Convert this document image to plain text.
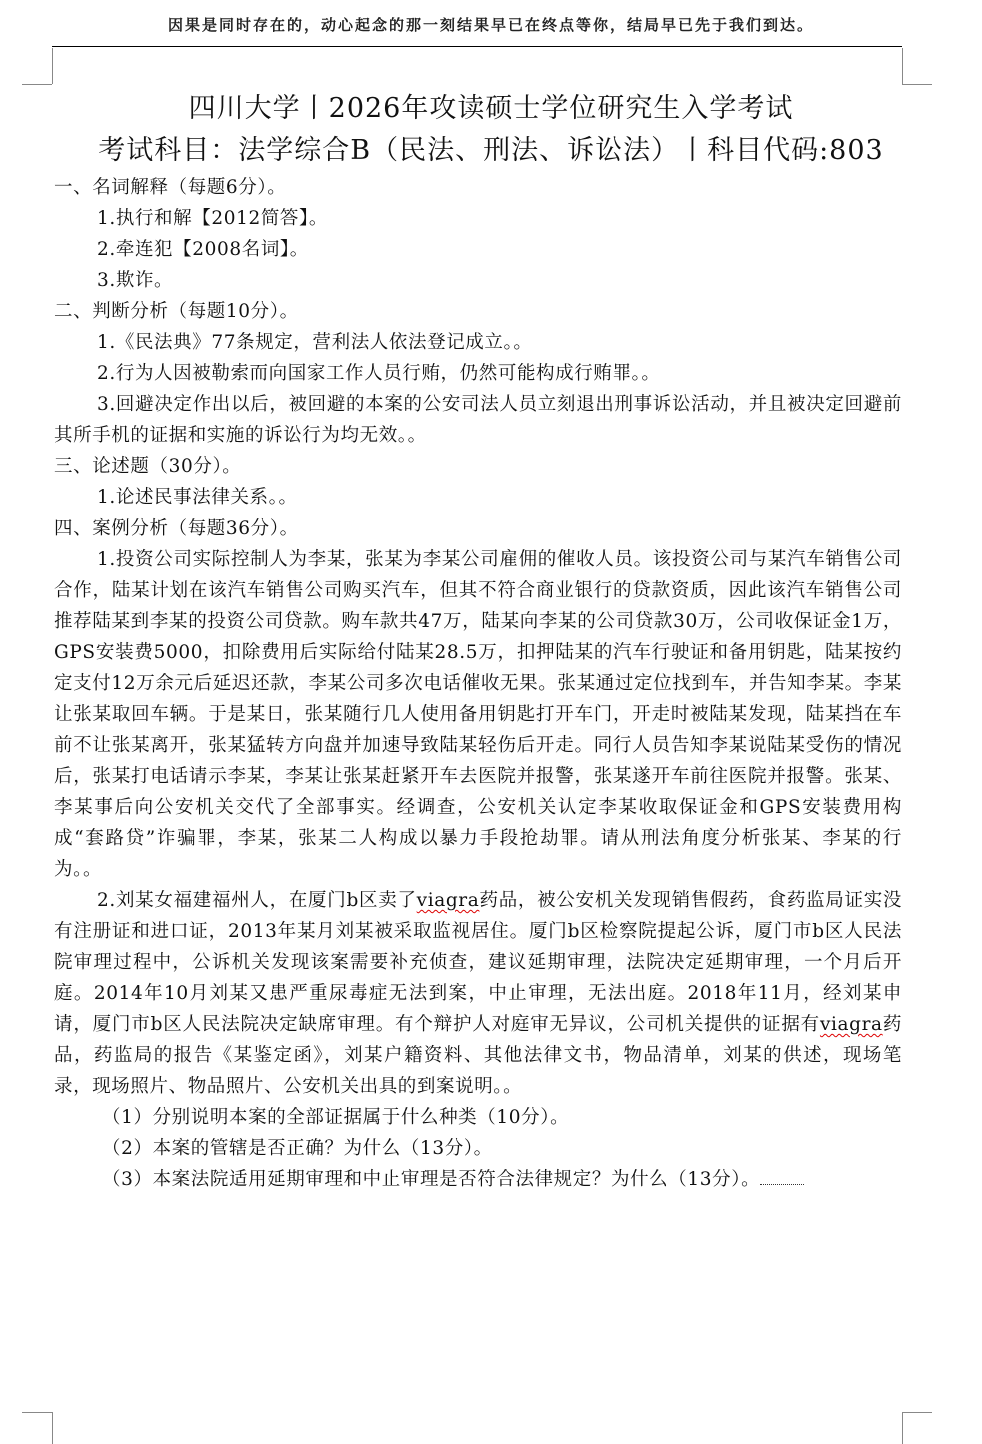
因果是同时存在的，动心起念的那一刻结果早已在终点等你，结局早已先于我们到达。
四川大学丨2026年攻读硕士学位研究生入学考试
考试科目：法学综合B（民法、刑法、诉讼法）丨科目代码:803

一、名词解释（每题6分）。

1.执行和解【2012简答】。

2.牵连犯【2008名词】。

3.欺诈。

二、判断分析（每题10分）。

1.《民法典》77条规定，营利法人依法登记成立。。

2.行为人因被勒索而向国家工作人员行贿，仍然可能构成行贿罪。。

3.回避决定作出以后，被回避的本案的公安司法人员立刻退出刑事诉讼活动，并且被决定回避前其所手机的证据和实施的诉讼行为均无效。。

三、论述题（30分）。

1.论述民事法律关系。。

四、案例分析（每题36分）。

1.投资公司实际控制人为李某，张某为李某公司雇佣的催收人员。该投资公司与某汽车销售公司合作，陆某计划在该汽车销售公司购买汽车，但其不符合商业银行的贷款资质，因此该汽车销售公司推荐陆某到李某的投资公司贷款。购车款共47万，陆某向李某的公司贷款30万，公司收保证金1万，GPS安装费5000，扣除费用后实际给付陆某28.5万，扣押陆某的汽车行驶证和备用钥匙，陆某按约定支付12万余元后延迟还款，李某公司多次电话催收无果。张某通过定位找到车，并告知李某。李某让张某取回车辆。于是某日，张某随行几人使用备用钥匙打开车门，开走时被陆某发现，陆某挡在车前不让张某离开，张某猛转方向盘并加速导致陆某轻伤后开走。同行人员告知李某说陆某受伤的情况后，张某打电话请示李某，李某让张某赶紧开车去医院并报警，张某遂开车前往医院并报警。张某、李某事后向公安机关交代了全部事实。经调查，公安机关认定李某收取保证金和GPS安装费用构成“套路贷”诈骗罪，李某，张某二人构成以暴力手段抢劫罪。请从刑法角度分析张某、李某的行为。。

2.刘某女福建福州人，在厦门b区卖了viagra药品，被公安机关发现销售假药，食药监局证实没有注册证和进口证，2013年某月刘某被采取监视居住。厦门b区检察院提起公诉，厦门市b区人民法院审理过程中，公诉机关发现该案需要补充侦查，建议延期审理，法院决定延期审理，一个月后开庭。2014年10月刘某又患严重尿毒症无法到案，中止审理，无法出庭。2018年11月，经刘某申请，厦门市b区人民法院决定缺席审理。有个辩护人对庭审无异议，公司机关提供的证据有viagra药品，药监局的报告《某鉴定函》，刘某户籍资料、其他法律文书，物品清单，刘某的供述，现场笔录，现场照片、物品照片、公安机关出具的到案说明。。

（1）分别说明本案的全部证据属于什么种类（10分）。

（2）本案的管辖是否正确？为什么（13分）。

（3）本案法院适用延期审理和中止审理是否符合法律规定？为什么（13分）。
